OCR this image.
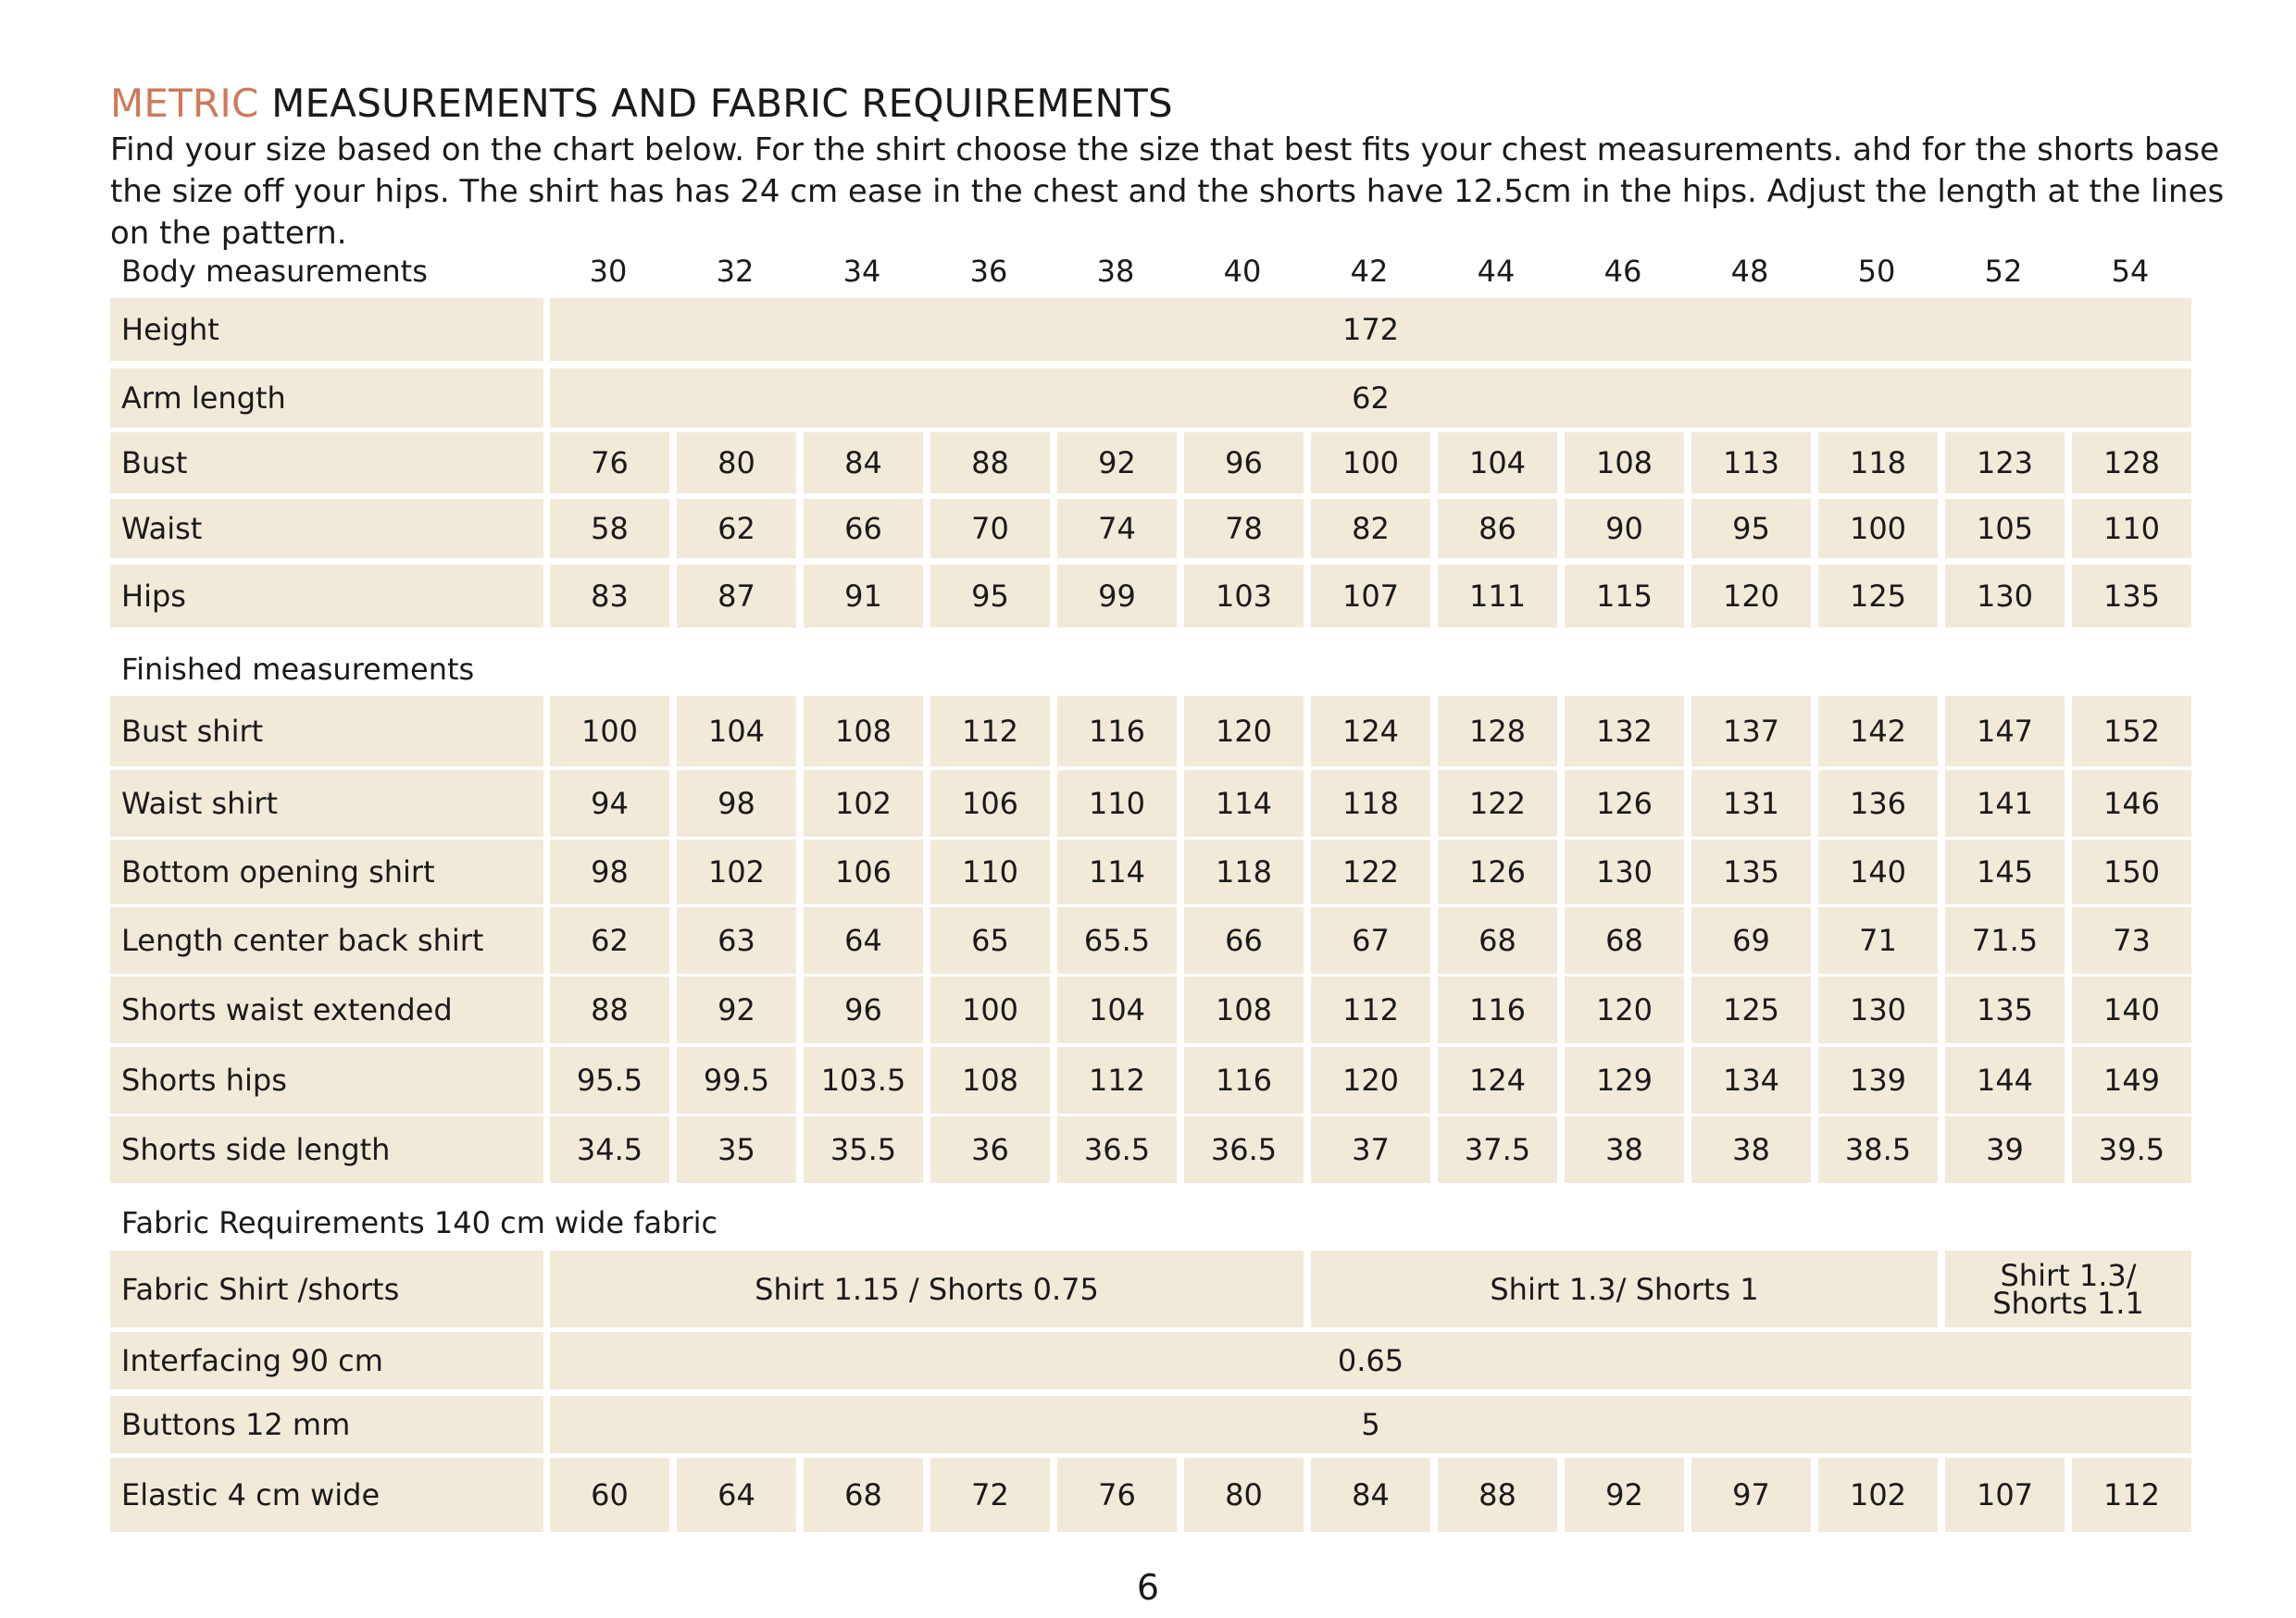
METRIC MEASUREMENTS AND FABRIC REQUIREMENTS

Find your size based on the chart below. For the shirt choose the size that best fits your chest measurements. ahd for the shorts base

the size off your hips. The shirt has has 24 cm ease in the chest and the shorts have 12.5cm in the hips. Adjust the length at the lines

on the pattern.

Body measurements	30	32	34	36	38	40	42	44	46	48	50	52	54
Finished measurements
Fabric Requirements 140 cm wide fabric
Height	172
Arm length	62
Bust	76	80	84	88	92	96	100	104	108	113	118	123	128
Waist	58	62	66	70	74	78	82	86	90	95	100	105	110
Hips	83	87	91	95	99	103	107	111	115	120	125	130	135
Bust shirt	100	104	108	112	116	120	124	128	132	137	142	147	152
Waist shirt	94	98	102	106	110	114	118	122	126	131	136	141	146
Bottom opening shirt	98	102	106	110	114	118	122	126	130	135	140	145	150
Length center back shirt	62	63	64	65	65.5	66	67	68	68	69	71	71.5	73
Shorts waist extended	88	92	96	100	104	108	112	116	120	125	130	135	140
Shorts hips	95.5	99.5	103.5	108	112	116	120	124	129	134	139	144	149
Shorts side length	34.5	35	35.5	36	36.5	36.5	37	37.5	38	38	38.5	39	39.5
Fabric Shirt /shorts	Shirt 1.15 / Shorts 0.75	Shirt 1.3/ Shorts 1	Shirt 1.3/ Shorts 1.1
Interfacing 90 cm	0.65
Buttons 12 mm	5
Elastic 4 cm wide	60	64	68	72	76	80	84	88	92	97	102	107	112
6
